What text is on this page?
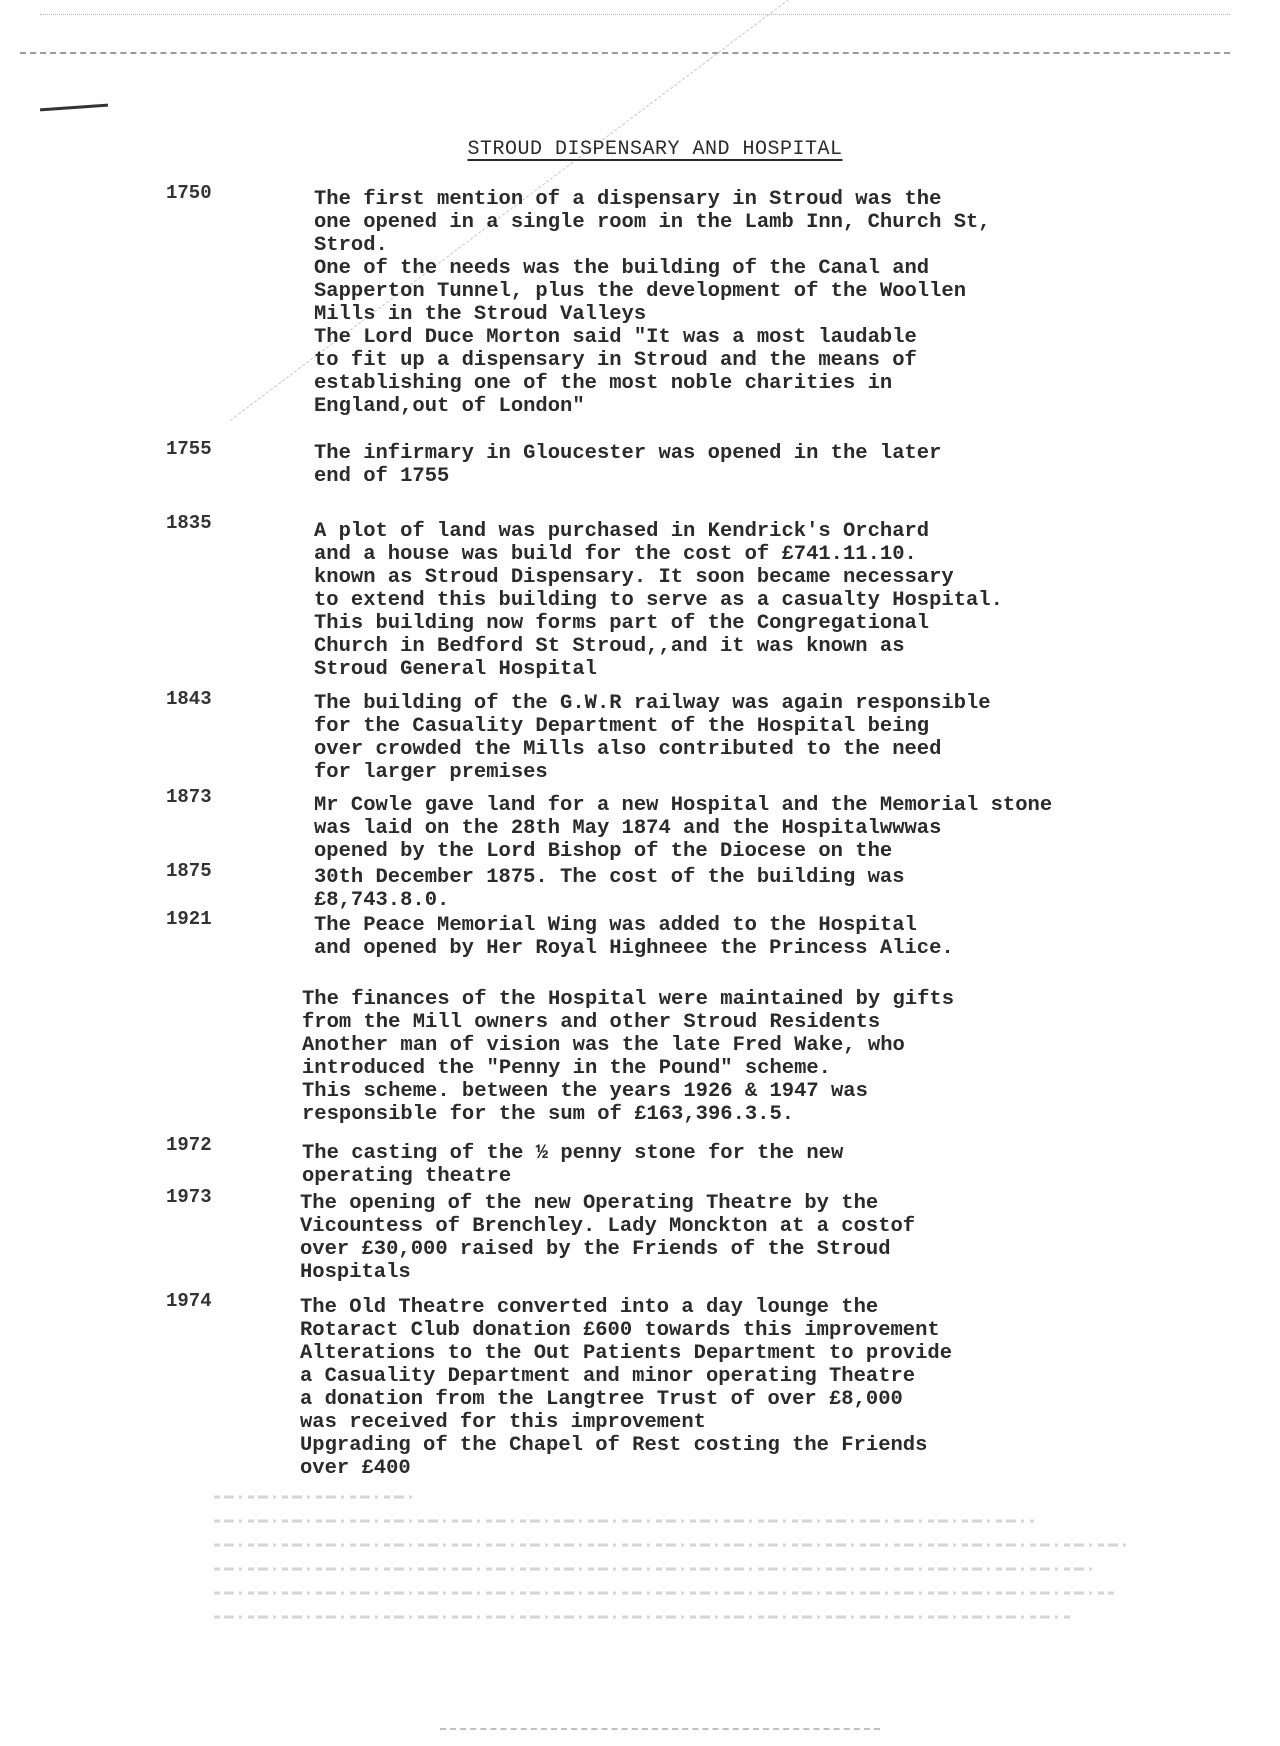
STROUD DISPENSARY AND HOSPITAL
1750	The first mention of a dispensary in Stroud was the
one opened in a single room in the Lamb Inn, Church St,
Strod.
One of the needs was the building of the Canal and
Sapperton Tunnel, plus the development of the Woollen
Mills in the Stroud Valleys
The Lord Duce Morton said "It was a most laudable
to fit up a dispensary in Stroud and the means of
establishing one of the most noble charities in
England,out of London"
1755	The infirmary in Gloucester was opened in the later
end of 1755
1835	A plot of land was purchased in Kendrick's Orchard
and a house was build for the cost of £741.11.10.
known as Stroud Dispensary. It soon became necessary
to extend this building to serve as a casualty Hospital.
This building now forms part of the Congregational
Church in Bedford St Stroud,,and it was known as
Stroud General Hospital
1843	The building of the G.W.R railway was again responsible
for the Casuality Department of the Hospital being
over crowded the Mills also contributed to the need
for larger premises
1873	Mr Cowle gave land for a new Hospital and the Memorial stone
was laid on the 28th May 1874 and the Hospitalwwwas
opened by the Lord Bishop of the Diocese on the
1875	30th December 1875. The cost of the building was
£8,743.8.0.
1921	The Peace Memorial Wing was added to the Hospital
and opened by Her Royal Highneee the Princess Alice.
The finances of the Hospital were maintained by gifts
from the Mill owners and other Stroud Residents
Another man of vision was the late Fred Wake, who
introduced the "Penny in the Pound" scheme.
This scheme. between the years 1926 & 1947 was
responsible for the sum of £163,396.3.5.
1972	The casting of the ½ penny stone for the new
operating theatre
1973	The opening of the new Operating Theatre by the
Vicountess of Brenchley. Lady Monckton at a costof
over £30,000 raised by the Friends of the Stroud
Hospitals
1974	The Old Theatre converted into a day lounge the
Rotaract Club donation £600 towards this improvement
Alterations to the Out Patients Department to provide
a Casuality Department and minor operating Theatre
a donation from the Langtree Trust of over £8,000
was received for this improvement
Upgrading of the Chapel of Rest costing the Friends
over £400
